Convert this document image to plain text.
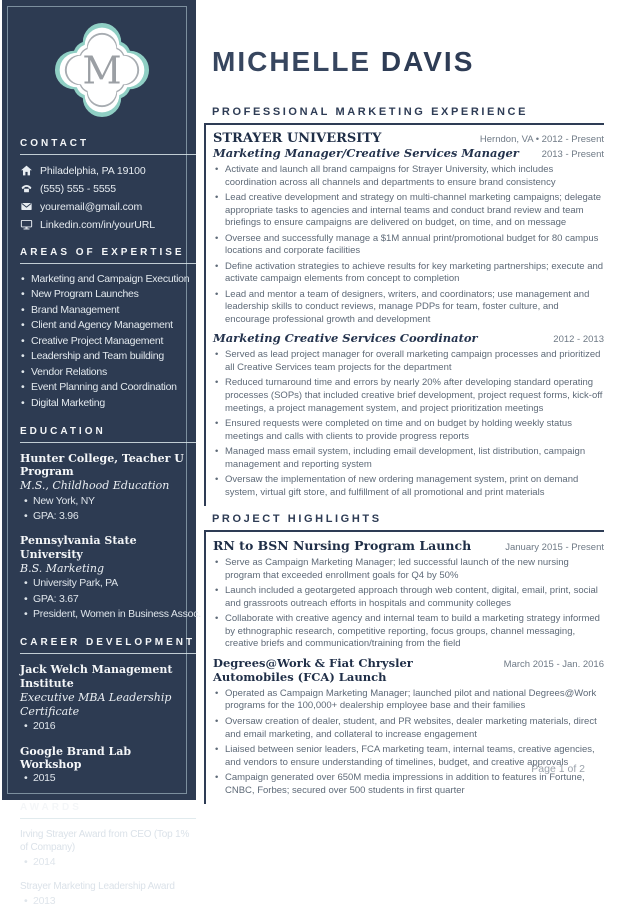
M
CONTACT
Philadelphia, PA 19100
(555) 555 - 5555
youremail@gmail.com
Linkedin.com/in/yourURL
AREAS OF EXPERTISE
• Marketing and Campaign Execution
• New Program Launches
• Brand Management
• Client and Agency Management
• Creative Project Management
• Leadership and Team building
• Vendor Relations
• Event Planning and Coordination
• Digital Marketing
EDUCATION
Hunter College, Teacher U Program
M.S., Childhood Education
• New York, NY
• GPA: 3.96
Pennsylvania State University
B.S. Marketing
• University Park, PA
• GPA: 3.67
• President, Women in Business Assoc.
CAREER DEVELOPMENT
Jack Welch Management Institute
Executive MBA Leadership Certificate
• 2016
Google Brand Lab Workshop
• 2015
AWARDS
Irving Strayer Award from CEO (Top 1% of Company)
• 2014
Strayer Marketing Leadership Award
• 2013
MICHELLE DAVIS
PROFESSIONAL MARKETING EXPERIENCE
STRAYER UNIVERSITY	Herndon, VA • 2012 - Present
Marketing Manager/Creative Services Manager 2013 - Present
• Activate and launch all brand campaigns for Strayer University, which includes coordination across all channels and departments to ensure brand consistency
• Lead creative development and strategy on multi-channel marketing campaigns; delegate appropriate tasks to agencies and internal teams and conduct brand review and team briefings to ensure campaigns are delivered on budget, on time, and on message
• Oversee and successfully manage a $1M annual print/promotional budget for 80 campus locations and corporate facilities
• Define activation strategies to achieve results for key marketing partnerships; execute and activate campaign elements from concept to completion
• Lead and mentor a team of designers, writers, and coordinators; use management and leadership skills to conduct reviews, manage PDPs for team, foster culture, and encourage professional growth and development
Marketing Creative Services Coordinator	2012 - 2013
• Served as lead project manager for overall marketing campaign processes and prioritized all Creative Services team projects for the department
• Reduced turnaround time and errors by nearly 20% after developing standard operating processes (SOPs) that included creative brief development, project request forms, kick-off meetings, a project management system, and project prioritization meetings
• Ensured requests were completed on time and on budget by holding weekly status meetings and calls with clients to provide progress reports
• Managed mass email system, including email development, list distribution, campaign management and reporting system
• Oversaw the implementation of new ordering management system, print on demand system, virtual gift store, and fulfillment of all promotional and print materials
PROJECT HIGHLIGHTS
RN to BSN Nursing Program Launch	January 2015 - Present
• Serve as Campaign Marketing Manager; led successful launch of the new nursing program that exceeded enrollment goals for Q4 by 50%
• Launch included a geotargeted approach through web content, digital, email, print, social and grassroots outreach efforts in hospitals and community colleges
• Collaborate with creative agency and internal team to build a marketing strategy informed by ethnographic research, competitive reporting, focus groups, channel messaging, creative briefs and communication/training from the field
Degrees@Work & Fiat Chrysler Automobiles (FCA) Launch
March 2015 - Jan. 2016
• Operated as Campaign Marketing Manager; launched pilot and national Degrees@Work programs for the 100,000+ dealership employee base and their families
• Oversaw creation of dealer, student, and PR websites, dealer marketing materials, direct and email marketing, and collateral to increase engagement
• Liaised between senior leaders, FCA marketing team, internal teams, creative agencies, and vendors to ensure understanding of timelines, budget, and creative approvals
• Campaign generated over 650M media impressions in addition to features in Fortune, CNBC, Forbes; secured over 500 students in first quarter
Page 1 of 2
